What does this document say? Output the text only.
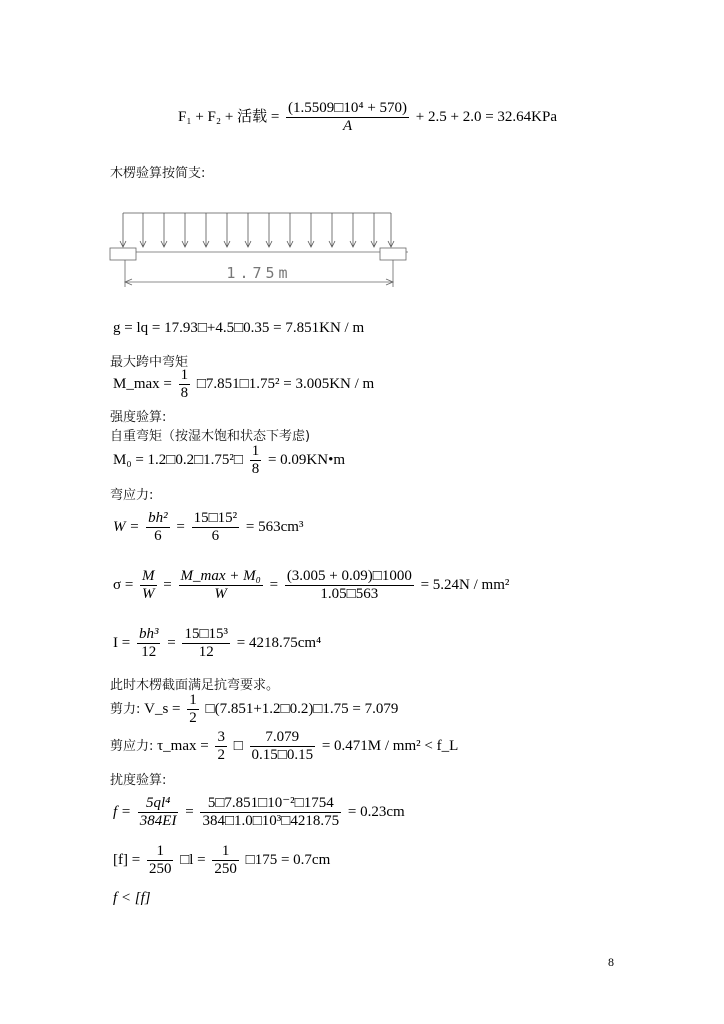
F₁ + F₂ + 活载 = $\frac{\text{(1.5509□10⁴ + 570)}}{A} + 2.5 + 2.0 = 32.64KPa$
木楞验算按简支:
1.75m
g = lq = 17.93□+4.5□0.35 = 7.851KN / m
最大跨中弯矩
M_max = $\frac{1}{8}$ □7.851□1.75² = 3.005KN / m
强度验算:
自重弯矩（按湿木饱和状态下考虑)
M₀ = 1.2□0.2□1.75²□ $\frac{1}{8}$ = 0.09KN•m
弯应力:
$W = \frac{\text{bh²}}{6} = \frac{\text{15□15²}}{6} = 563cm^3$
$\sigma = \frac{M}{W} = \frac{\text{M\_max + M₀}}{W} = \frac{(3.005 + 0.09)□1000}{1.05□563} = 5.24N / mm^2$
$I = \frac{\text{bh³}}{12} = \frac{\text{15□15³}}{12} = 4218.75cm^4$
此时木楞截面满足抗弯要求。
剪力: V_s = $\frac{1}{2}$ □(7.851+1.2□0.2)□1.75 = 7.079
剪应力: τ_max = $\frac{3}{2}$ □ $\frac{7.079}{0.15□0.15} = 0.471M / mm^2$ < f_L
扰度验算:
$f = \frac{\text{5ql⁴}}{384EI} = \frac{\text{5□7.851□10⁻²□1754}}{\text{384□1.0□10³□4218.75}} = 0.23cm$
$[f] = \frac{1}{250}$ □l = $\frac{1}{250}$ □175 = 0.7cm
f < [f]
8
